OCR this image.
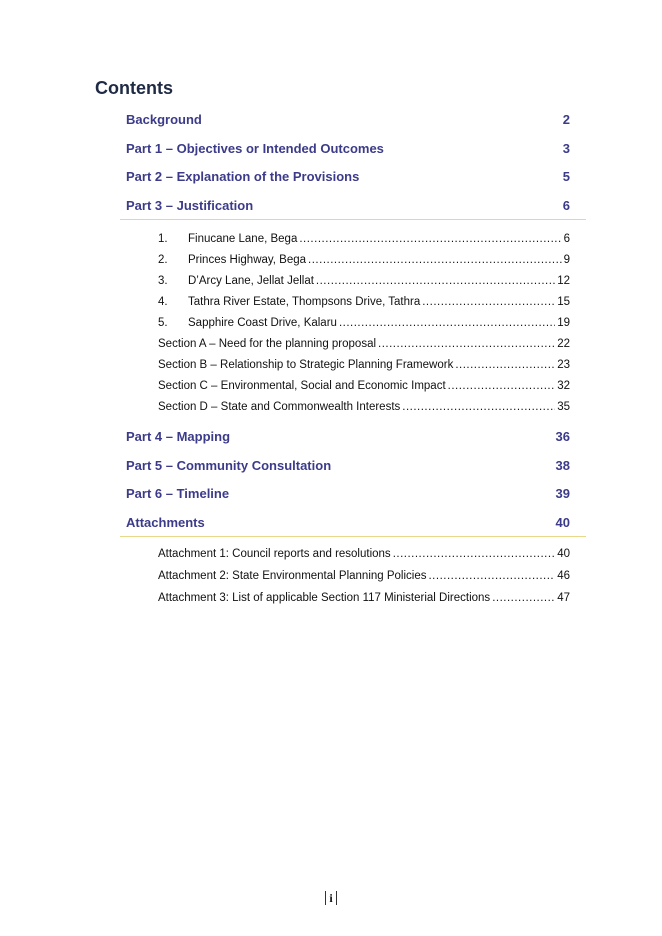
Contents
Background	2
Part 1 – Objectives or Intended Outcomes	3
Part 2 – Explanation of the Provisions	5
Part 3 – Justification	6
1.	Finucane Lane, Bega .....	6
2.	Princes Highway, Bega .....	9
3.	D’Arcy Lane, Jellat Jellat .....	12
4.	Tathra River Estate, Thompsons Drive, Tathra .....	15
5.	Sapphire Coast Drive, Kalaru .....	19
Section A – Need for the planning proposal .....	22
Section B – Relationship to Strategic Planning Framework .....	23
Section C – Environmental, Social and Economic Impact .....	32
Section D – State and Commonwealth Interests .....	35
Part 4 – Mapping	36
Part 5 – Community Consultation	38
Part 6 – Timeline	39
Attachments	40
Attachment 1: Council reports and resolutions .....	40
Attachment 2: State Environmental Planning Policies .....	46
Attachment 3: List of applicable Section 117 Ministerial Directions .....	47
i
